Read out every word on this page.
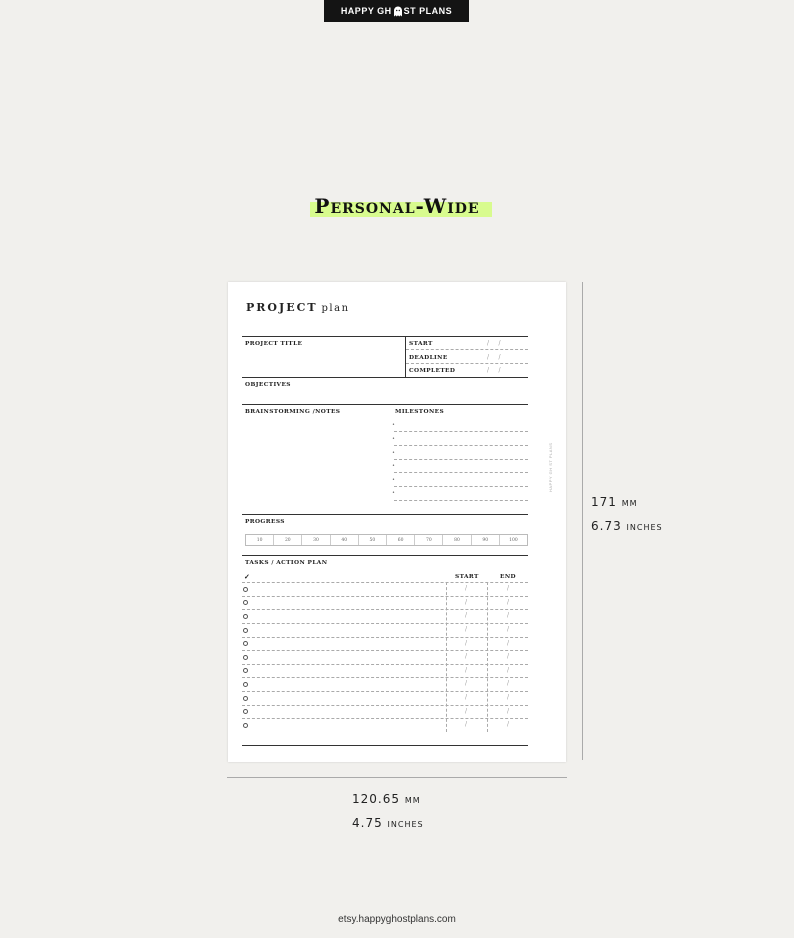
HAPPY GH ST PLANS
Personal-Wide
PROJECT plan
PROJECT TITLE	START	/     /
DEADLINE	/     /
COMPLETED	/     /
OBJECTIVES
BRAINSTORMING /NOTES	MILESTONES
•
•
•
•
•
•
PROGRESS
10	20	30	40	50	60	70	80	90	100
TASKS / ACTION PLAN
✓	START	END
/	/
/	/
/	/
/	/
/	/
/	/
/	/
/	/
/	/
/	/
/	/
HAPPY GH ST PLANS
171 mm
6.73 inches
120.65 mm
4.75 inches
etsy.happyghostplans.com
